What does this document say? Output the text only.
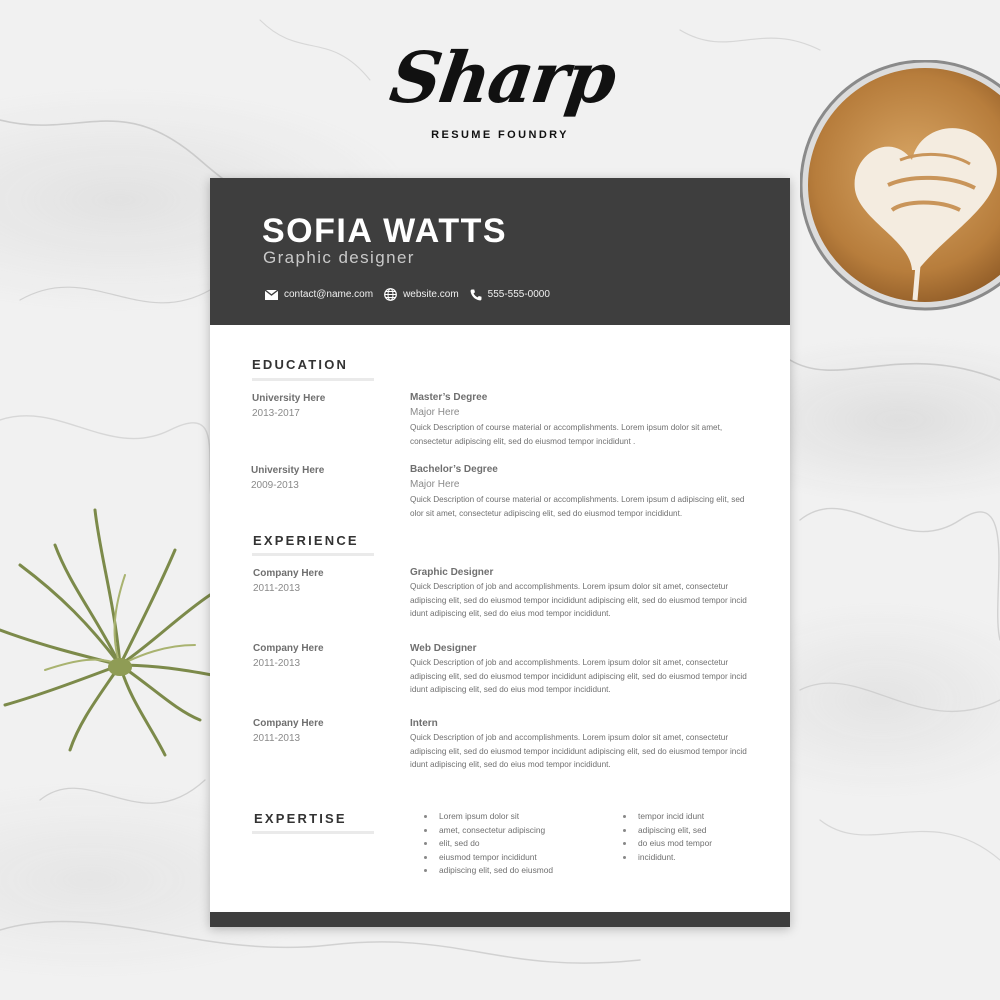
Sharp
RESUME FOUNDRY
SOFIA WATTS
Graphic designer
contact@name.com	website.com	555-555-0000
EDUCATION
University Here
2013-2017
Master’s Degree
Major Here
Quick Description of course material or accomplishments. Lorem ipsum dolor sit amet, consectetur adipiscing elit, sed do eiusmod tempor incididunt .
University Here
2009-2013
Bachelor’s Degree
Major Here
Quick Description of course material or accomplishments. Lorem ipsum d adipiscing elit, sed olor sit amet, consectetur adipiscing elit, sed do eiusmod tempor incididunt.
EXPERIENCE
Company Here
2011-2013
Graphic Designer
Quick Description of job and accomplishments. Lorem ipsum dolor sit amet, consectetur adipiscing elit, sed do eiusmod tempor incididunt adipiscing elit, sed do eiusmod tempor incid idunt adipiscing elit, sed do eius mod tempor incididunt.
Company Here
2011-2013
Web Designer
Quick Description of job and accomplishments. Lorem ipsum dolor sit amet, consectetur adipiscing elit, sed do eiusmod tempor incididunt adipiscing elit, sed do eiusmod tempor incid idunt adipiscing elit, sed do eius mod tempor incididunt.
Company Here
2011-2013
Intern
Quick Description of job and accomplishments. Lorem ipsum dolor sit amet, consectetur adipiscing elit, sed do eiusmod tempor incididunt adipiscing elit, sed do eiusmod tempor incid idunt adipiscing elit, sed do eius mod tempor incididunt.
EXPERTISE	Lorem ipsum dolor sit
amet, consectetur adipiscing
elit, sed do
eiusmod tempor incididunt
adipiscing elit, sed do eiusmod
tempor incid idunt
adipiscing elit, sed
do eius mod tempor
incididunt.
